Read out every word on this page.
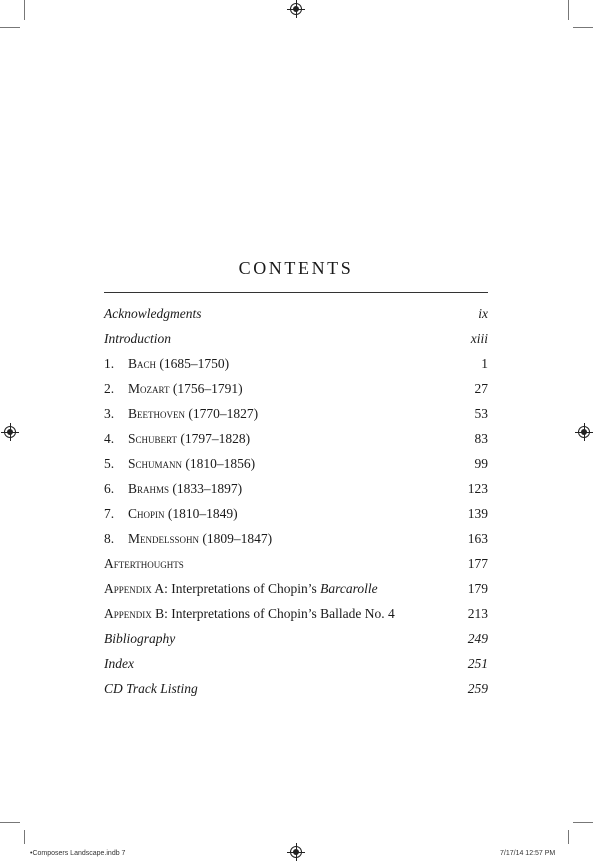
CONTENTS
Acknowledgments	ix
Introduction	xiii
1. Bach (1685–1750)	1
2. Mozart (1756–1791)	27
3. Beethoven (1770–1827)	53
4. Schubert (1797–1828)	83
5. Schumann (1810–1856)	99
6. Brahms (1833–1897)	123
7. Chopin (1810–1849)	139
8. Mendelssohn (1809–1847)	163
Afterthoughts	177
Appendix A: Interpretations of Chopin’s Barcarolle	179
Appendix B: Interpretations of Chopin’s Ballade No. 4	213
Bibliography	249
Index	251
CD Track Listing	259
•Composers Landscape.indb 7	7/17/14 12:57 PM
